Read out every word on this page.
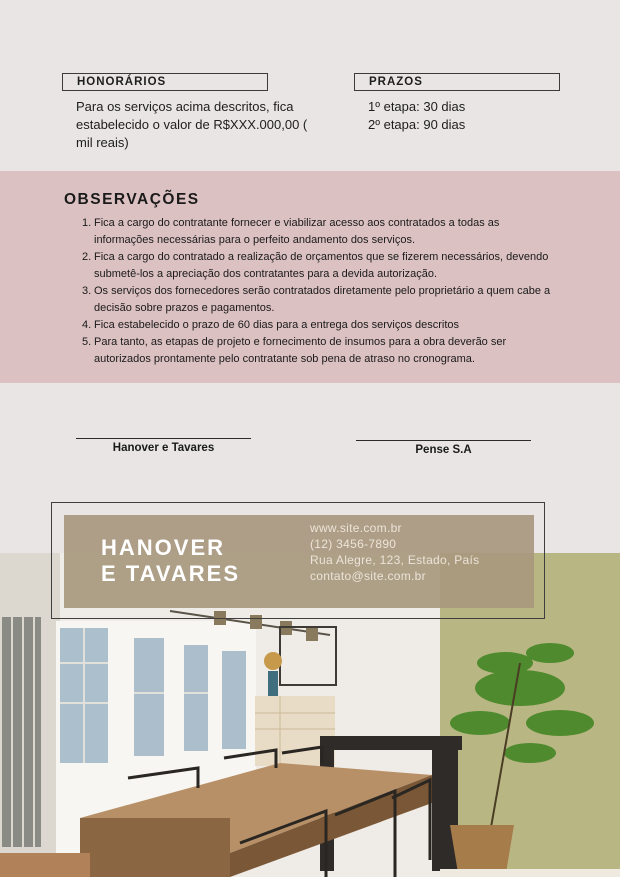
HONORÁRIOS	PRAZOS
Para os serviços acima descritos, fica estabelecido o valor de R$XXX.000,00 ( mil reais)
1º etapa: 30 dias
2º etapa: 90 dias
OBSERVAÇÕES
Fica a cargo do contratante fornecer e viabilizar acesso aos contratados a todas as informações necessárias para o perfeito andamento dos serviços.
Fica a cargo do contratado a realização de orçamentos que se fizerem necessários, devendo submetê-los a apreciação dos contratantes para a devida autorização.
Os serviços dos fornecedores serão contratados diretamente pelo proprietário a quem cabe a decisão sobre prazos e pagamentos.
Fica estabelecido o prazo de 60 dias para a entrega dos serviços descritos
Para tanto, as etapas de projeto e fornecimento de insumos para a obra deverão ser autorizados prontamente pelo contratante sob pena de atraso no cronograma.
Hanover e Tavares	Pense S.A
HANOVER
E TAVARES
www.site.com.br
(12) 3456-7890
Rua Alegre, 123, Estado, País
contato@site.com.br
